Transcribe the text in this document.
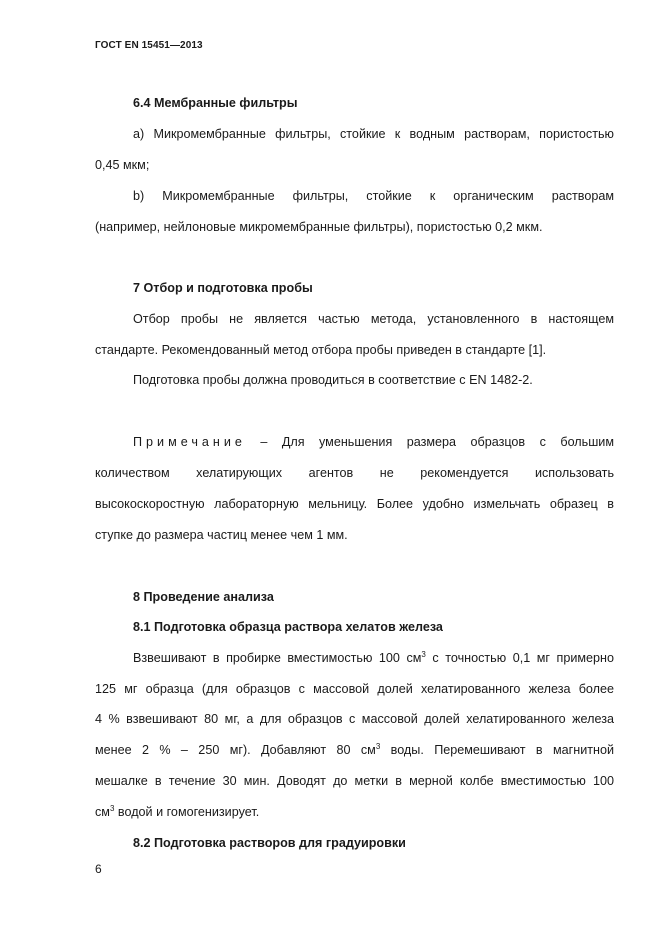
ГОСТ EN 15451—2013
6.4 Мембранные фильтры
а) Микромембранные фильтры, стойкие к водным растворам, пористостью
0,45 мкм;
b) Микромембранные фильтры, стойкие к органическим растворам
(например, нейлоновые микромембранные фильтры), пористостью 0,2 мкм.
7 Отбор и подготовка пробы
Отбор пробы не является частью метода, установленного в настоящем
стандарте. Рекомендованный метод отбора пробы приведен в стандарте [1].
Подготовка пробы должна проводиться в соответствие с EN 1482-2.
Примечание – Для уменьшения размера образцов с большим
количеством хелатирующих агентов не рекомендуется использовать
высокоскоростную лабораторную мельницу. Более удобно измельчать образец в
ступке до размера частиц менее чем 1 мм.
8 Проведение анализа
8.1 Подготовка образца раствора хелатов железа
Взвешивают в пробирке вместимостью 100 $см^3$ с точностью 0,1 мг примерно
125 мг образца (для образцов с массовой долей хелатированного железа более
4 % взвешивают 80 мг, а для образцов с массовой долей хелатированного железа
менее 2 % – 250 мг). Добавляют 80 $см^3$ воды. Перемешивают в магнитной
мешалке в течение 30 мин. Доводят до метки в мерной колбе вместимостью 100
$см^3$ водой и гомогенизирует.
8.2 Подготовка растворов для градуировки
6
